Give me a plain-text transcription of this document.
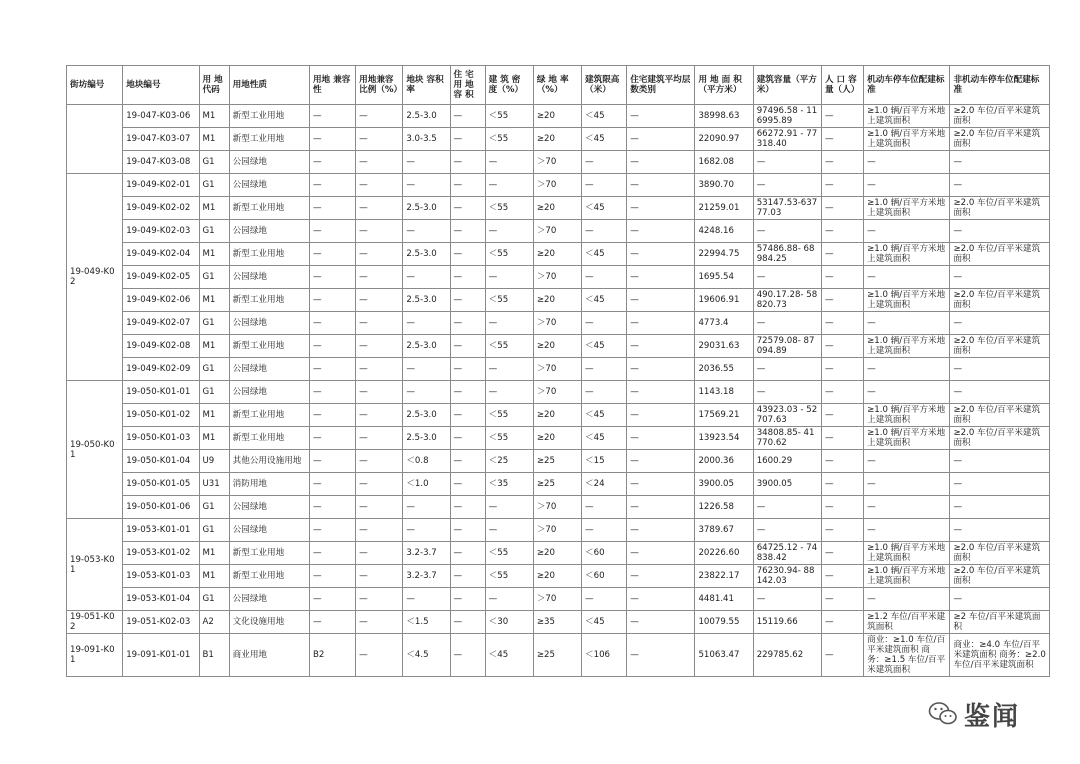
街坊编号	地块编号	用 地 代码	用地性质	用地 兼容性	用地兼容 比例（%）	地块 容积率	住 宅 用 地 容 积	建 筑 密 度（%）	绿 地 率（%）	建筑限高（米）	住宅建筑平均层数类别	用 地 面 积（平方米）	建筑容量（平方米）	人 口 容 量（人）	机动车停车位配建标准	非机动车停车位配建标准
	19-047-K03-06	M1	新型工业用地	—	—	2.5-3.0	—	＜55	≥20	＜45	—	38998.63	97496.58 - 116995.89	—	≥1.0 辆/百平方米地上建筑面积	≥2.0 车位/百平米建筑面积
	19-047-K03-07	M1	新型工业用地	—	—	3.0-3.5	—	＜55	≥20	＜45	—	22090.97	66272.91 - 77318.40	—	≥1.0 辆/百平方米地上建筑面积	≥2.0 车位/百平米建筑面积
	19-047-K03-08	G1	公园绿地	—	—	—	—	—	＞70	—	—	1682.08	—	—	—	—
19-049-K02	19-049-K02-01	G1	公园绿地	—	—	—	—	—	＞70	—	—	3890.70	—	—	—	—
	19-049-K02-02	M1	新型工业用地	—	—	2.5-3.0	—	＜55	≥20	＜45	—	21259.01	53147.53-63777.03	—	≥1.0 辆/百平方米地上建筑面积	≥2.0 车位/百平米建筑面积
	19-049-K02-03	G1	公园绿地	—	—	—	—	—	＞70	—	—	4248.16	—	—	—	—
	19-049-K02-04	M1	新型工业用地	—	—	2.5-3.0	—	＜55	≥20	＜45	—	22994.75	57486.88- 68984.25	—	≥1.0 辆/百平方米地上建筑面积	≥2.0 车位/百平米建筑面积
	19-049-K02-05	G1	公园绿地	—	—	—	—	—	＞70	—	—	1695.54	—	—	—	—
	19-049-K02-06	M1	新型工业用地	—	—	2.5-3.0	—	＜55	≥20	＜45	—	19606.91	490.17.28- 58820.73	—	≥1.0 辆/百平方米地上建筑面积	≥2.0 车位/百平米建筑面积
	19-049-K02-07	G1	公园绿地	—	—	—	—	—	＞70	—	—	4773.4	—	—	—	—
	19-049-K02-08	M1	新型工业用地	—	—	2.5-3.0	—	＜55	≥20	＜45	—	29031.63	72579.08- 87094.89	—	≥1.0 辆/百平方米地上建筑面积	≥2.0 车位/百平米建筑面积
	19-049-K02-09	G1	公园绿地	—	—	—	—	—	＞70	—	—	2036.55	—	—	—	—
19-050-K01	19-050-K01-01	G1	公园绿地	—	—	—	—	—	＞70	—	—	1143.18	—	—	—	—
	19-050-K01-02	M1	新型工业用地	—	—	2.5-3.0	—	＜55	≥20	＜45	—	17569.21	43923.03 - 52707.63	—	≥1.0 辆/百平方米地上建筑面积	≥2.0 车位/百平米建筑面积
	19-050-K01-03	M1	新型工业用地	—	—	2.5-3.0	—	＜55	≥20	＜45	—	13923.54	34808.85- 41770.62	—	≥1.0 辆/百平方米地上建筑面积	≥2.0 车位/百平米建筑面积
	19-050-K01-04	U9	其他公用设施用地	—	—	＜0.8	—	＜25	≥25	＜15	—	2000.36	1600.29	—	—	—
	19-050-K01-05	U31	消防用地	—	—	＜1.0	—	＜35	≥25	＜24	—	3900.05	3900.05	—	—	—
	19-050-K01-06	G1	公园绿地	—	—	—	—	—	＞70	—	—	1226.58	—	—	—	—
19-053-K01	19-053-K01-01	G1	公园绿地	—	—	—	—	—	＞70	—	—	3789.67	—	—	—	—
	19-053-K01-02	M1	新型工业用地	—	—	3.2-3.7	—	＜55	≥20	＜60	—	20226.60	64725.12 - 74838.42	—	≥1.0 辆/百平方米地上建筑面积	≥2.0 车位/百平米建筑面积
	19-053-K01-03	M1	新型工业用地	—	—	3.2-3.7	—	＜55	≥20	＜60	—	23822.17	76230.94- 88142.03	—	≥1.0 辆/百平方米地上建筑面积	≥2.0 车位/百平米建筑面积
	19-053-K01-04	G1	公园绿地	—	—	—	—	—	＞70	—	—	4481.41	—	—	—	—
19-051-K02	19-051-K02-03	A2	文化设施用地	—	—	＜1.5	—	＜30	≥35	＜45	—	10079.55	15119.66	—	≥1.2 车位/百平米建筑面积	≥2 车位/百平米建筑面积
19-091-K01	19-091-K01-01	B1	商业用地	B2	—	＜4.5	—	＜45	≥25	＜106	—	51063.47	229785.62	—	商业：≥1.0 车位/百平米建筑面积 商务：≥1.5 车位/百平米建筑面积	商业：≥4.0 车位/百平米建筑面积 商务：≥2.0 车位/百平米建筑面积
鉴闻
